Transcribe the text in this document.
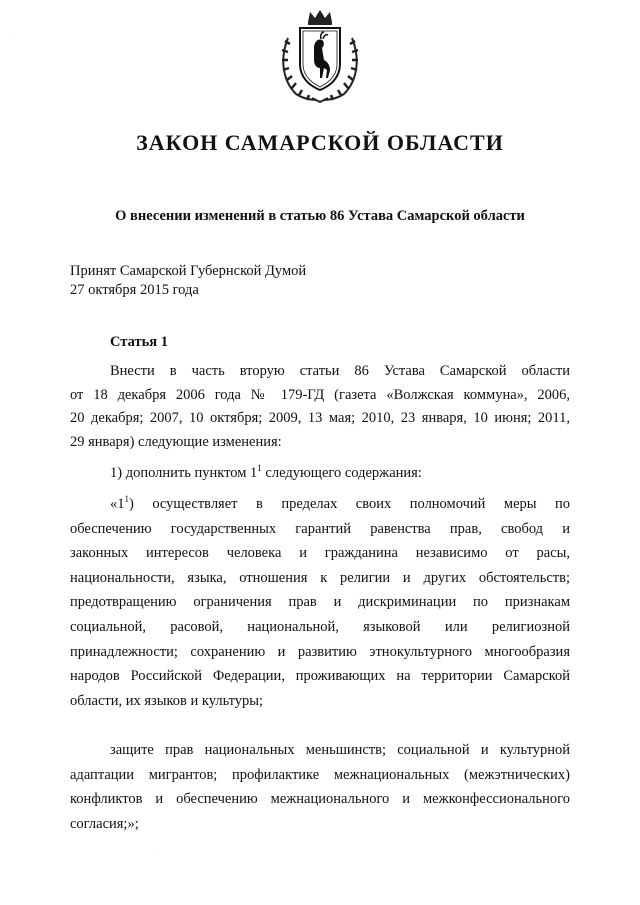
·
ЗАКОН САМАРСКОЙ ОБЛАСТИ
О внесении изменений в статью 86 Устава Самарской области
Принят Самарской Губернской Думой
27 октября 2015 года
Статья 1

Внести в часть вторую статьи 86 Устава Самарской области

от 18 декабря 2006 года № 179-ГД (газета «Волжская коммуна», 2006,

20 декабря; 2007, 10 октября; 2009, 13 мая; 2010, 23 января, 10 июня; 2011,

29 января) следующие изменения:

1) дополнить пунктом $1^1$ следующего содержания:

«$1^1$) осуществляет в пределах своих полномочий меры по

обеспечению государственных гарантий равенства прав, свобод и

законных интересов человека и гражданина независимо от расы,

национальности, языка, отношения к религии и других обстоятельств;

предотвращению ограничения прав и дискриминации по признакам

социальной, расовой, национальной, языковой или религиозной

принадлежности; сохранению и развитию этнокультурного многообразия

народов Российской Федерации, проживающих на территории Самарской

области, их языков и культуры;

защите прав национальных меньшинств; социальной и культурной

адаптации мигрантов; профилактике межнациональных (межэтнических)

конфликтов и обеспечению межнационального и межконфессионального

согласия;»;

·
